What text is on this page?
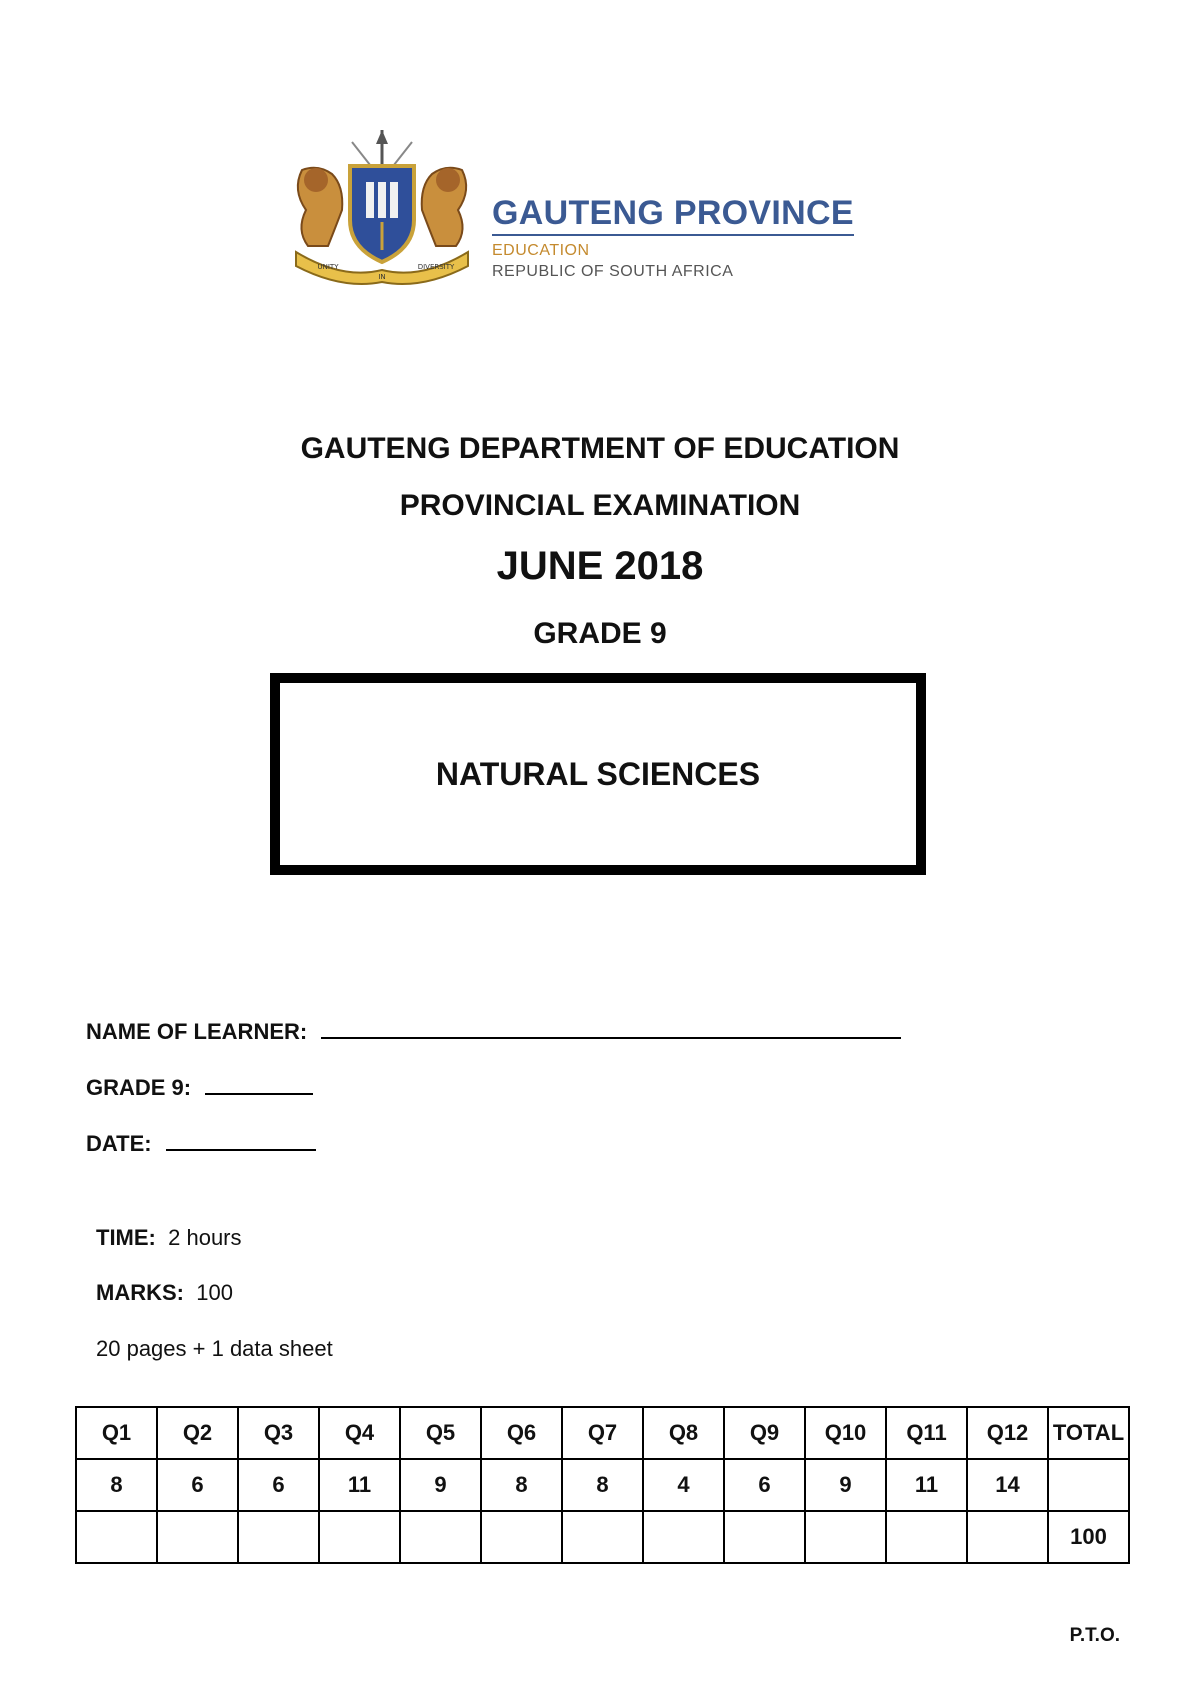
UNITY
IN
DIVERSITY
GAUTENG PROVINCE
EDUCATION
REPUBLIC OF SOUTH AFRICA
GAUTENG DEPARTMENT OF EDUCATION
PROVINCIAL EXAMINATION
JUNE 2018
GRADE 9
NATURAL SCIENCES
NAME OF LEARNER:
GRADE 9:
DATE:
TIME: 2 hours
MARKS: 100
20 pages + 1 data sheet
Q1	Q2	Q3	Q4	Q5	Q6	Q7	Q8	Q9	Q10	Q11	Q12	TOTAL
8	6	6	11	9	8	8	4	6	9	11	14	
												100
P.T.O.
